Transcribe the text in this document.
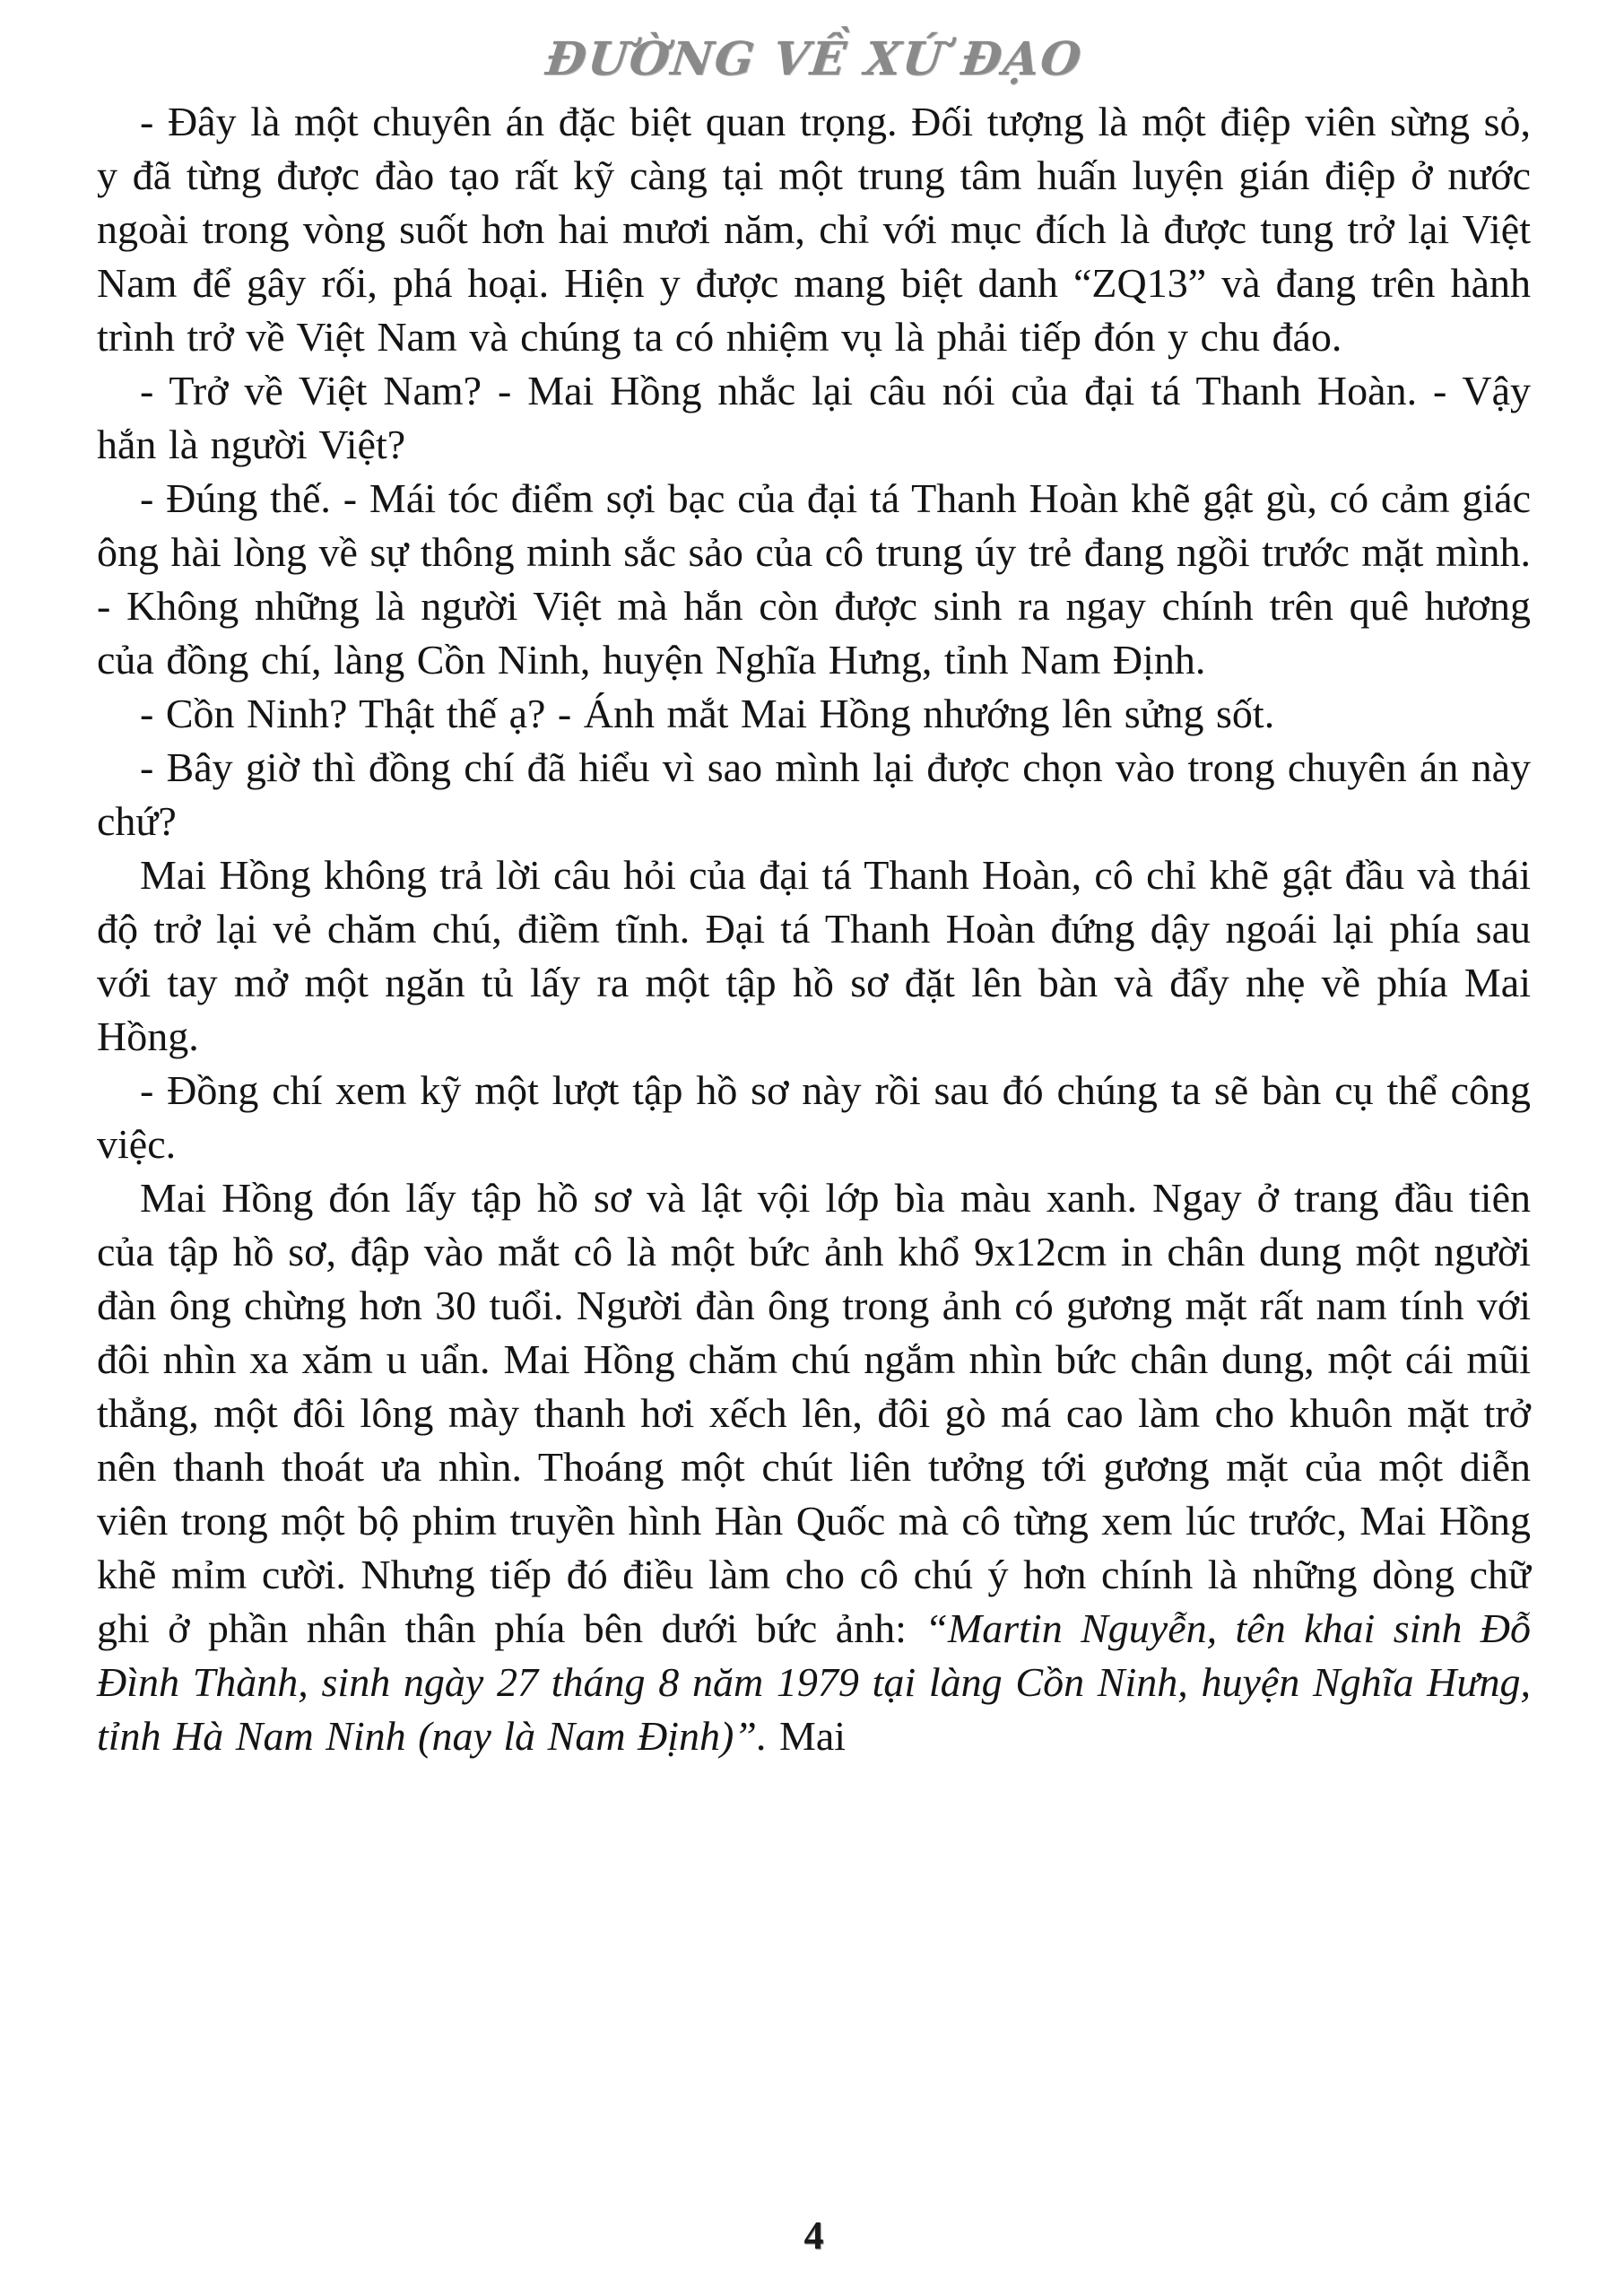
ĐƯỜNG VỀ XỨ ĐẠO

- Đây là một chuyên án đặc biệt quan trọng. Đối tượng là một điệp viên sừng sỏ, y đã từng được đào tạo rất kỹ càng tại một trung tâm huấn luyện gián điệp ở nước ngoài trong vòng suốt hơn hai mươi năm, chỉ với mục đích là được tung trở lại Việt Nam để gây rối, phá hoại. Hiện y được mang biệt danh “ZQ13” và đang trên hành trình trở về Việt Nam và chúng ta có nhiệm vụ là phải tiếp đón y chu đáo.

- Trở về Việt Nam? - Mai Hồng nhắc lại câu nói của đại tá Thanh Hoàn. - Vậy hắn là người Việt?

- Đúng thế. - Mái tóc điểm sợi bạc của đại tá Thanh Hoàn khẽ gật gù, có cảm giác ông hài lòng về sự thông minh sắc sảo của cô trung úy trẻ đang ngồi trước mặt mình. - Không những là người Việt mà hắn còn được sinh ra ngay chính trên quê hương của đồng chí, làng Cồn Ninh, huyện Nghĩa Hưng, tỉnh Nam Định.

- Cồn Ninh? Thật thế ạ? - Ánh mắt Mai Hồng nhướng lên sửng sốt.

- Bây giờ thì đồng chí đã hiểu vì sao mình lại được chọn vào trong chuyên án này chứ?

Mai Hồng không trả lời câu hỏi của đại tá Thanh Hoàn, cô chỉ khẽ gật đầu và thái độ trở lại vẻ chăm chú, điềm tĩnh. Đại tá Thanh Hoàn đứng dậy ngoái lại phía sau với tay mở một ngăn tủ lấy ra một tập hồ sơ đặt lên bàn và đẩy nhẹ về phía Mai Hồng.

- Đồng chí xem kỹ một lượt tập hồ sơ này rồi sau đó chúng ta sẽ bàn cụ thể công việc.

Mai Hồng đón lấy tập hồ sơ và lật vội lớp bìa màu xanh. Ngay ở trang đầu tiên của tập hồ sơ, đập vào mắt cô là một bức ảnh khổ 9x12cm in chân dung một người đàn ông chừng hơn 30 tuổi. Người đàn ông trong ảnh có gương mặt rất nam tính với đôi nhìn xa xăm u uẩn. Mai Hồng chăm chú ngắm nhìn bức chân dung, một cái mũi thẳng, một đôi lông mày thanh hơi xếch lên, đôi gò má cao làm cho khuôn mặt trở nên thanh thoát ưa nhìn. Thoáng một chút liên tưởng tới gương mặt của một diễn viên trong một bộ phim truyền hình Hàn Quốc mà cô từng xem lúc trước, Mai Hồng khẽ mỉm cười. Nhưng tiếp đó điều làm cho cô chú ý hơn chính là những dòng chữ ghi ở phần nhân thân phía bên dưới bức ảnh: “Martin Nguyễn, tên khai sinh Đỗ Đình Thành, sinh ngày 27 tháng 8 năm 1979 tại làng Cồn Ninh, huyện Nghĩa Hưng, tỉnh Hà Nam Ninh (nay là Nam Định)”. Mai

4
